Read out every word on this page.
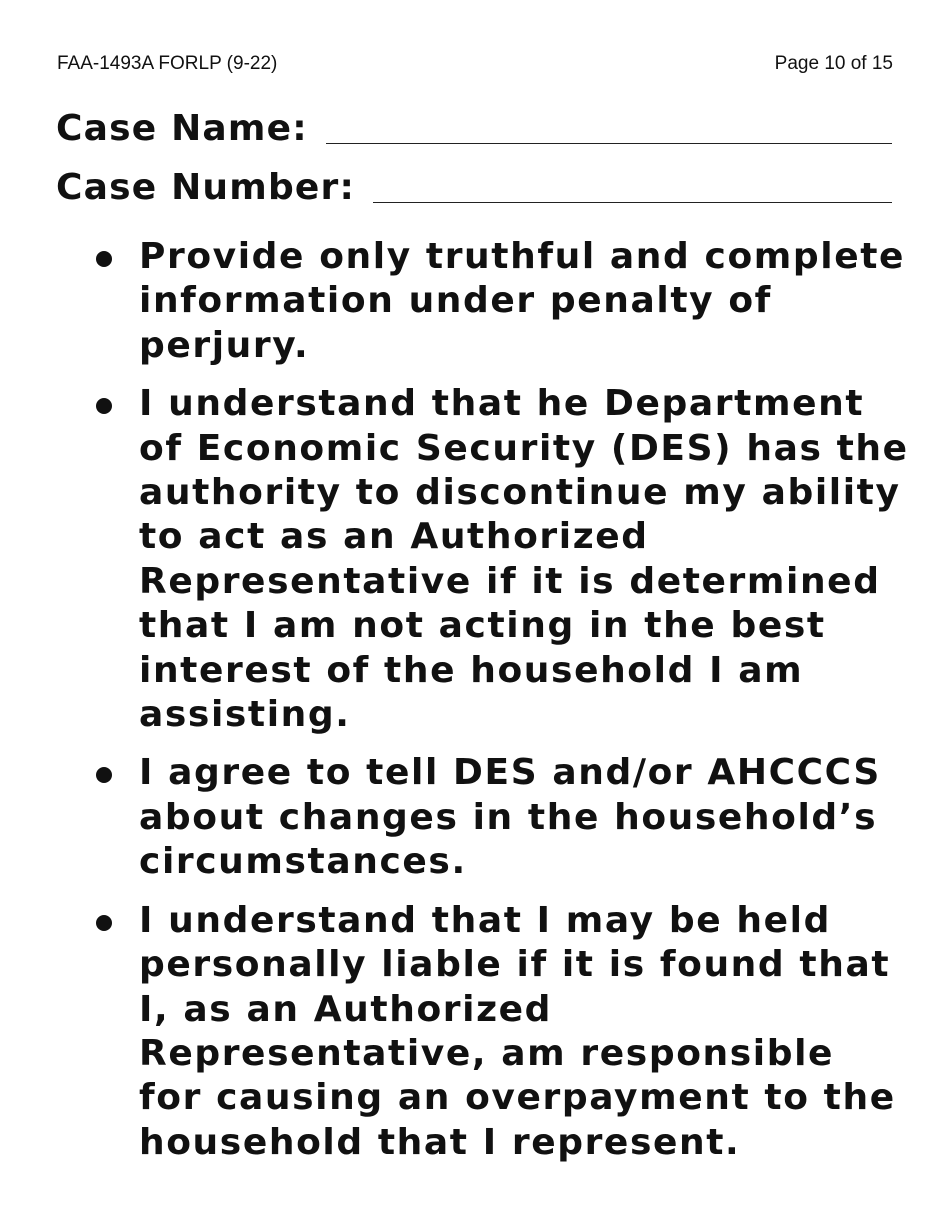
FAA-1493A FORLP (9-22)	Page 10 of 15
Case Name:
Case Number:
Provide only truthful and complete information under penalty of perjury.
I understand that he Department of Economic Security (DES) has the authority to discontinue my ability to act as an Authorized Representative if it is determined that I am not acting in the best interest of the household I am assisting.
I agree to tell DES and/or AHCCCS about changes in the household’s circumstances.
I understand that I may be held personally liable if it is found that I, as an Authorized Representative, am responsible for causing an overpayment to the household that I represent.
